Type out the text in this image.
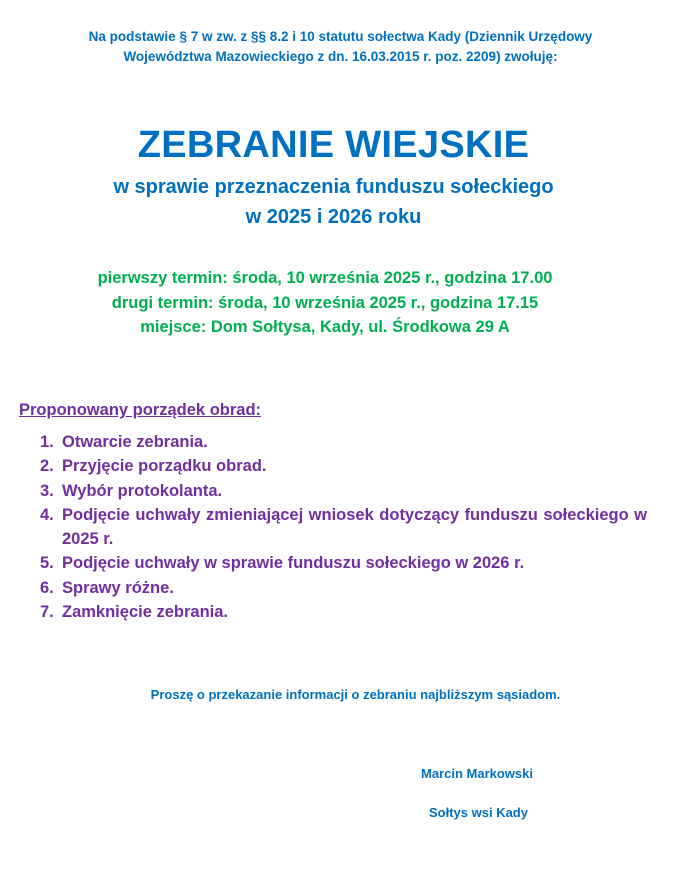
Na podstawie § 7 w zw. z §§ 8.2 i 10 statutu sołectwa Kady (Dziennik Urzędowy
Województwa Mazowieckiego z dn. 16.03.2015 r. poz. 2209) zwołuję:
ZEBRANIE WIEJSKIE
w sprawie przeznaczenia funduszu sołeckiego
w 2025 i 2026 roku
pierwszy termin: środa, 10 września 2025 r., godzina 17.00
drugi termin: środa, 10 września 2025 r., godzina 17.15
miejsce: Dom Sołtysa, Kady, ul. Środkowa 29 A
Proponowany porządek obrad:
1. Otwarcie zebrania.
2. Przyjęcie porządku obrad.
3. Wybór protokolanta.
4. Podjęcie uchwały zmieniającej wniosek dotyczący funduszu sołeckiego w 2025 r.
5. Podjęcie uchwały w sprawie funduszu sołeckiego w 2026 r.
6. Sprawy różne.
7. Zamknięcie zebrania.
Proszę o przekazanie informacji o zebraniu najbliższym sąsiadom.
Marcin Markowski
Sołtys wsi Kady
